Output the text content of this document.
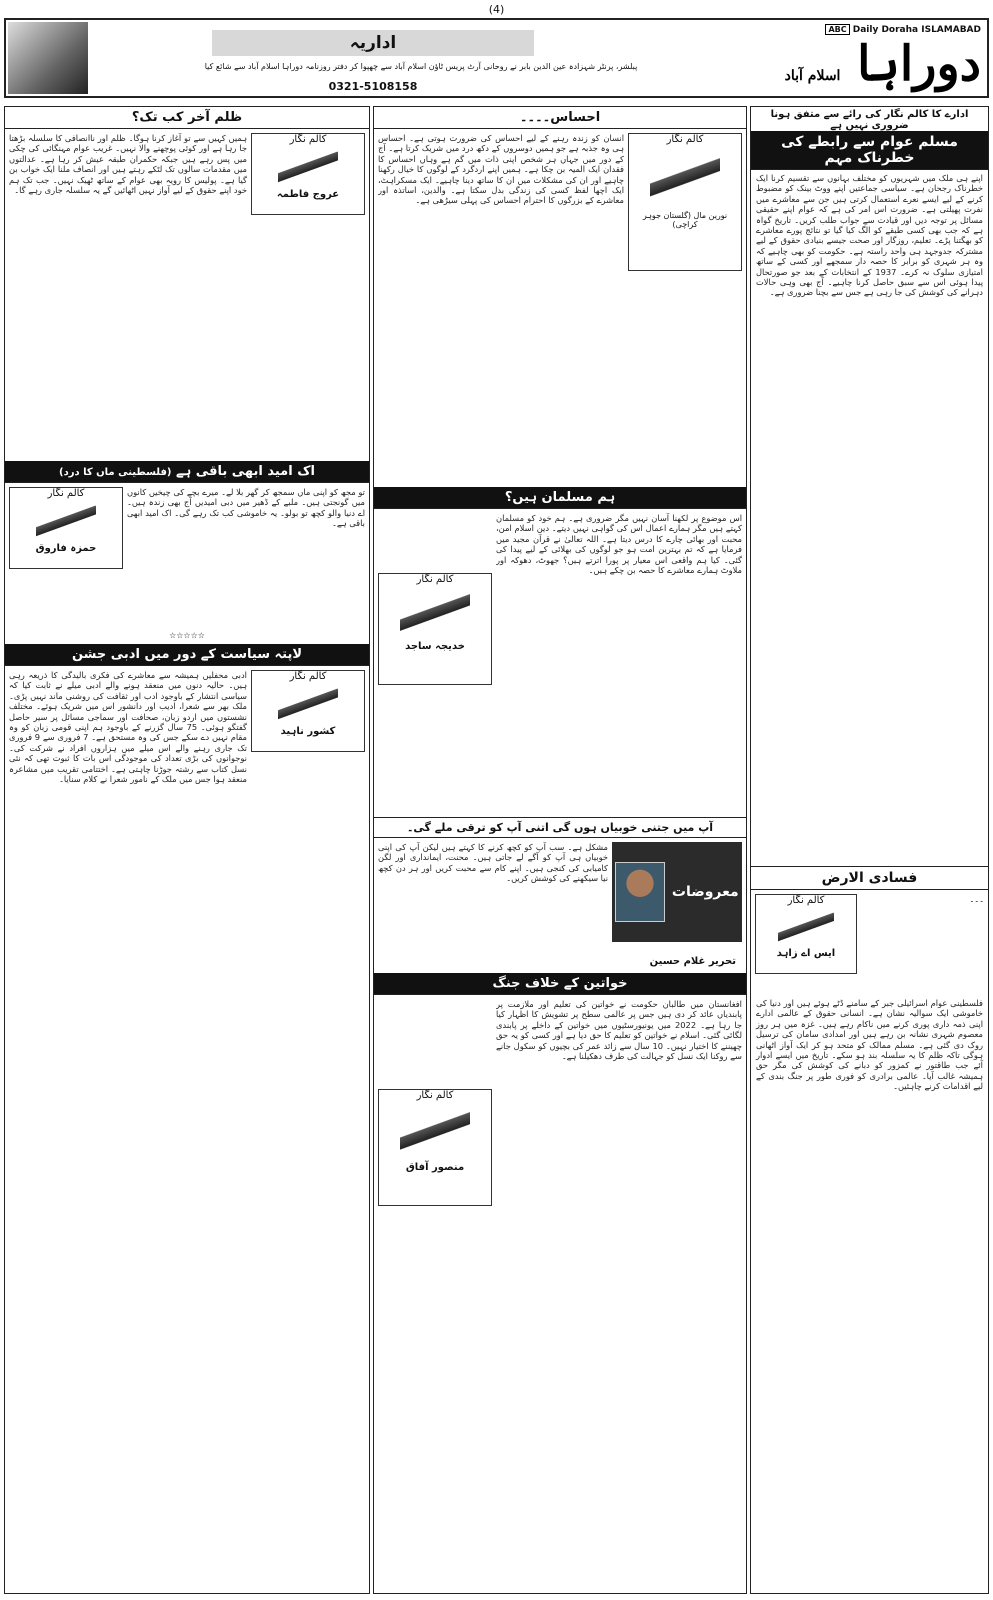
(4)
اداریہ
پبلشر، پرنٹر شہزادہ عین الدین بابر نے روحانی آرٹ پریس ٹاؤن اسلام آباد سے چھپوا کر دفتر روزنامہ دوراہا اسلام آباد سے شائع کیا
0321-5108158
ABC Daily Doraha ISLAMABAD
دوراہا اسلام آباد
ادارے کا کالم نگار کی رائے سے متفق ہونا ضروری نہیں ہے
مسلم عوام سے رابطے کی خطرناک مہم
اپنے ہی ملک میں شہریوں کو مختلف بہانوں سے تقسیم کرنا ایک خطرناک رجحان ہے۔ سیاسی جماعتیں اپنے ووٹ بینک کو مضبوط کرنے کے لیے ایسے نعرے استعمال کرتی ہیں جن سے معاشرے میں نفرت پھیلتی ہے۔ ضرورت اس امر کی ہے کہ عوام اپنے حقیقی مسائل پر توجہ دیں اور قیادت سے جواب طلب کریں۔ تاریخ گواہ ہے کہ جب بھی کسی طبقے کو الگ کیا گیا تو نتائج پورے معاشرے کو بھگتنا پڑے۔ تعلیم، روزگار اور صحت جیسے بنیادی حقوق کے لیے مشترکہ جدوجہد ہی واحد راستہ ہے۔ حکومت کو بھی چاہیے کہ وہ ہر شہری کو برابر کا حصہ دار سمجھے اور کسی کے ساتھ امتیازی سلوک نہ کرے۔ 1937 کے انتخابات کے بعد جو صورتحال پیدا ہوئی اس سے سبق حاصل کرنا چاہیے۔ آج بھی وہی حالات دہرانے کی کوشش کی جا رہی ہے جس سے بچنا ضروری ہے۔
فسادی الارض
۔۔۔
کالم نگار
ایس اے زاہد
فلسطینی عوام اسرائیلی جبر کے سامنے ڈٹے ہوئے ہیں اور دنیا کی خاموشی ایک سوالیہ نشان ہے۔ انسانی حقوق کے عالمی ادارے اپنی ذمہ داری پوری کرنے میں ناکام رہے ہیں۔ غزہ میں ہر روز معصوم شہری نشانہ بن رہے ہیں اور امدادی سامان کی ترسیل روک دی گئی ہے۔ مسلم ممالک کو متحد ہو کر ایک آواز اٹھانی ہوگی تاکہ ظلم کا یہ سلسلہ بند ہو سکے۔ تاریخ میں ایسے ادوار آئے جب طاقتور نے کمزور کو دبانے کی کوشش کی مگر حق ہمیشہ غالب آیا۔ عالمی برادری کو فوری طور پر جنگ بندی کے لیے اقدامات کرنے چاہئیں۔
احساس۔۔۔۔
کالم نگار
نورین مال (گلستان جوہر کراچی)
انسان کو زندہ رہنے کے لیے احساس کی ضرورت ہوتی ہے۔ احساس ہی وہ جذبہ ہے جو ہمیں دوسروں کے دکھ درد میں شریک کرتا ہے۔ آج کے دور میں جہاں ہر شخص اپنی ذات میں گم ہے وہاں احساس کا فقدان ایک المیہ بن چکا ہے۔ ہمیں اپنے اردگرد کے لوگوں کا خیال رکھنا چاہیے اور ان کی مشکلات میں ان کا ساتھ دینا چاہیے۔ ایک مسکراہٹ، ایک اچھا لفظ کسی کی زندگی بدل سکتا ہے۔ والدین، اساتذہ اور معاشرے کے بزرگوں کا احترام احساس کی پہلی سیڑھی ہے۔
ہم مسلمان ہیں؟
اس موضوع پر لکھنا آسان نہیں مگر ضروری ہے۔ ہم خود کو مسلمان کہتے ہیں مگر ہمارے اعمال اس کی گواہی نہیں دیتے۔ دین اسلام امن، محبت اور بھائی چارے کا درس دیتا ہے۔ اللہ تعالیٰ نے قرآن مجید میں فرمایا ہے کہ تم بہترین امت ہو جو لوگوں کی بھلائی کے لیے پیدا کی گئی۔ کیا ہم واقعی اس معیار پر پورا اترتے ہیں؟ جھوٹ، دھوکہ اور ملاوٹ ہمارے معاشرے کا حصہ بن چکے ہیں۔
کالم نگار
خدیجہ ساجد
آپ میں جتنی خوبیاں ہوں گی اتنی آپ کو ترقی ملے گی۔
معروضات
مشکل ہے۔ سب آپ کو کچھ کرنے کا کہتے ہیں لیکن آپ کی اپنی خوبیاں ہی آپ کو آگے لے جاتی ہیں۔ محنت، ایمانداری اور لگن کامیابی کی کنجی ہیں۔ اپنے کام سے محبت کریں اور ہر دن کچھ نیا سیکھنے کی کوشش کریں۔
تحریر غلام حسین
خواتین کے خلاف جنگ
افغانستان میں طالبان حکومت نے خواتین کی تعلیم اور ملازمت پر پابندیاں عائد کر دی ہیں جس پر عالمی سطح پر تشویش کا اظہار کیا جا رہا ہے۔ 2022 میں یونیورسٹیوں میں خواتین کے داخلے پر پابندی لگائی گئی۔ اسلام نے خواتین کو تعلیم کا حق دیا ہے اور کسی کو یہ حق چھیننے کا اختیار نہیں۔ 10 سال سے زائد عمر کی بچیوں کو سکول جانے سے روکنا ایک نسل کو جہالت کی طرف دھکیلنا ہے۔
کالم نگار
منصور آفاق
ظلم آخر کب تک؟
کالم نگار
عروج فاطمہ
ہمیں کہیں سے تو آغاز کرنا ہوگا۔ ظلم اور ناانصافی کا سلسلہ بڑھتا جا رہا ہے اور کوئی پوچھنے والا نہیں۔ غریب عوام مہنگائی کی چکی میں پس رہے ہیں جبکہ حکمران طبقہ عیش کر رہا ہے۔ عدالتوں میں مقدمات سالوں تک لٹکے رہتے ہیں اور انصاف ملنا ایک خواب بن گیا ہے۔ پولیس کا رویہ بھی عوام کے ساتھ ٹھیک نہیں۔ جب تک ہم خود اپنے حقوق کے لیے آواز نہیں اٹھائیں گے یہ سلسلہ جاری رہے گا۔
اک امید ابھی باقی ہے (فلسطینی ماں کا درد)
تو مجھ کو اپنی ماں سمجھ کر گھر بلا لے۔ میرے بچے کی چیخیں کانوں میں گونجتی ہیں۔ ملبے کے ڈھیر میں دبی امیدیں آج بھی زندہ ہیں۔ اے دنیا والو کچھ تو بولو۔ یہ خاموشی کب تک رہے گی۔ اک امید ابھی باقی ہے۔
کالم نگار
حمزہ فاروق
☆☆☆☆☆
لاپتہ سیاست کے دور میں ادبی جشن
کالم نگار
کشور ناہید
ادبی محفلیں ہمیشہ سے معاشرے کی فکری بالیدگی کا ذریعہ رہی ہیں۔ حالیہ دنوں میں منعقد ہونے والے ادبی میلے نے ثابت کیا کہ سیاسی انتشار کے باوجود ادب اور ثقافت کی روشنی ماند نہیں پڑی۔ ملک بھر سے شعرا، ادیب اور دانشور اس میں شریک ہوئے۔ مختلف نشستوں میں اردو زبان، صحافت اور سماجی مسائل پر سیر حاصل گفتگو ہوئی۔ 75 سال گزرنے کے باوجود ہم اپنی قومی زبان کو وہ مقام نہیں دے سکے جس کی وہ مستحق ہے۔ 7 فروری سے 9 فروری تک جاری رہنے والے اس میلے میں ہزاروں افراد نے شرکت کی۔ نوجوانوں کی بڑی تعداد کی موجودگی اس بات کا ثبوت تھی کہ نئی نسل کتاب سے رشتہ جوڑنا چاہتی ہے۔ اختتامی تقریب میں مشاعرہ منعقد ہوا جس میں ملک کے نامور شعرا نے کلام سنایا۔
